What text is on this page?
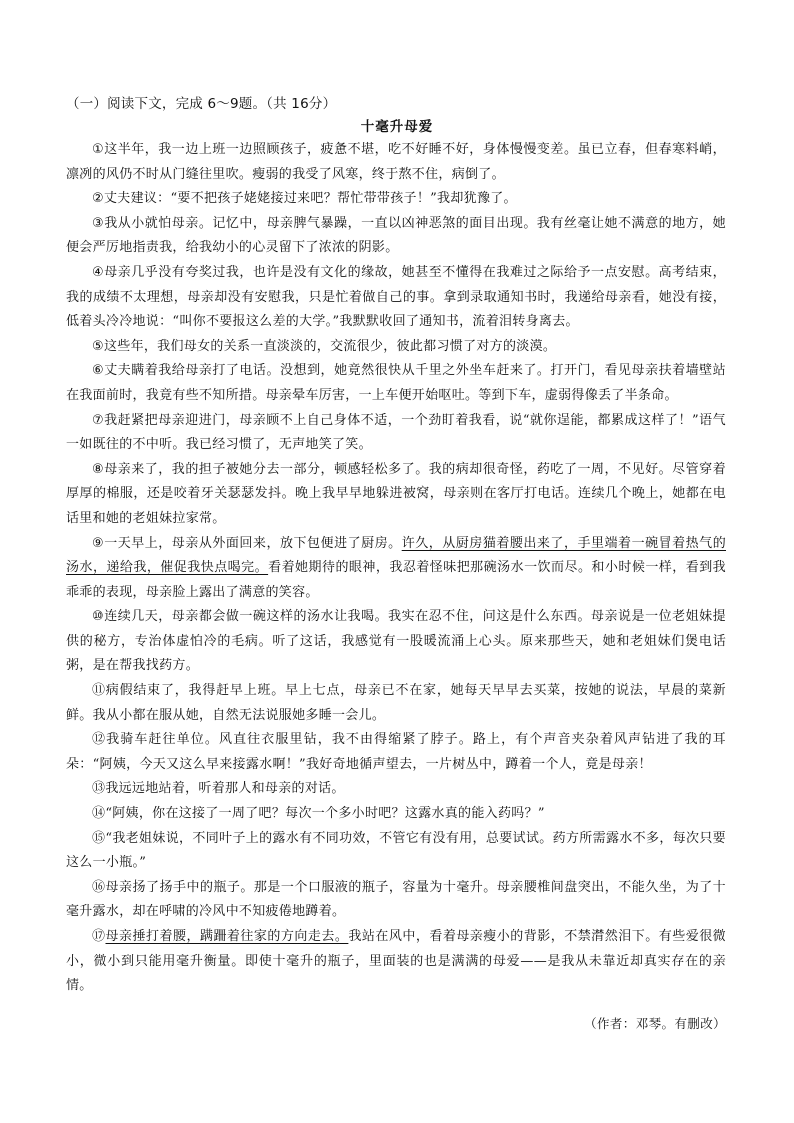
（一）阅读下文，完成 6～9题。（共 16分）
十毫升母爱

①这半年，我一边上班一边照顾孩子，疲惫不堪，吃不好睡不好，身体慢慢变差。虽已立春，但春寒料峭，凛冽的风仍不时从门缝往里吹。瘦弱的我受了风寒，终于熬不住，病倒了。

②丈夫建议：“要不把孩子姥姥接过来吧？帮忙带带孩子！”我却犹豫了。

③我从小就怕母亲。记忆中，母亲脾气暴躁，一直以凶神恶煞的面目出现。我有丝毫让她不满意的地方，她便会严厉地指责我，给我幼小的心灵留下了浓浓的阴影。

④母亲几乎没有夸奖过我，也许是没有文化的缘故，她甚至不懂得在我难过之际给予一点安慰。高考结束，我的成绩不太理想，母亲却没有安慰我，只是忙着做自己的事。拿到录取通知书时，我递给母亲看，她没有接，低着头冷冷地说：“叫你不要报这么差的大学。”我默默收回了通知书，流着泪转身离去。

⑤这些年，我们母女的关系一直淡淡的，交流很少，彼此都习惯了对方的淡漠。

⑥丈夫瞒着我给母亲打了电话。没想到，她竟然很快从千里之外坐车赶来了。打开门，看见母亲扶着墙壁站在我面前时，我竟有些不知所措。母亲晕车厉害，一上车便开始呕吐。等到下车，虚弱得像丢了半条命。

⑦我赶紧把母亲迎进门，母亲顾不上自己身体不适，一个劲盯着我看，说“就你逞能，都累成这样了！”语气一如既往的不中听。我已经习惯了，无声地笑了笑。

⑧母亲来了，我的担子被她分去一部分，顿感轻松多了。我的病却很奇怪，药吃了一周，不见好。尽管穿着厚厚的棉服，还是咬着牙关瑟瑟发抖。晚上我早早地躲进被窝，母亲则在客厅打电话。连续几个晚上，她都在电话里和她的老姐妹拉家常。

⑨一天早上，母亲从外面回来，放下包便进了厨房。许久，从厨房猫着腰出来了，手里端着一碗冒着热气的汤水，递给我，催促我快点喝完。看着她期待的眼神，我忍着怪味把那碗汤水一饮而尽。和小时候一样，看到我乖乖的表现，母亲脸上露出了满意的笑容。

⑩连续几天，母亲都会做一碗这样的汤水让我喝。我实在忍不住，问这是什么东西。母亲说是一位老姐妹提供的秘方，专治体虚怕冷的毛病。听了这话，我感觉有一股暖流涌上心头。原来那些天，她和老姐妹们煲电话粥，是在帮我找药方。

⑪病假结束了，我得赶早上班。早上七点，母亲已不在家，她每天早早去买菜，按她的说法，早晨的菜新鲜。我从小都在服从她，自然无法说服她多睡一会儿。

⑫我骑车赶往单位。风直往衣服里钻，我不由得缩紧了脖子。路上，有个声音夹杂着风声钻进了我的耳朵：“阿姨，今天又这么早来接露水啊！”我好奇地循声望去，一片树丛中，蹲着一个人，竟是母亲！

⑬我远远地站着，听着那人和母亲的对话。

⑭“阿姨，你在这接了一周了吧？每次一个多小时吧？这露水真的能入药吗？”

⑮“我老姐妹说，不同叶子上的露水有不同功效，不管它有没有用，总要试试。药方所需露水不多，每次只要这么一小瓶。”

⑯母亲扬了扬手中的瓶子。那是一个口服液的瓶子，容量为十毫升。母亲腰椎间盘突出，不能久坐，为了十毫升露水，却在呼啸的冷风中不知疲倦地蹲着。

⑰母亲捶打着腰，蹒跚着往家的方向走去。我站在风中，看着母亲瘦小的背影，不禁潸然泪下。有些爱很微小，微小到只能用毫升衡量。即使十毫升的瓶子，里面装的也是满满的母爱——是我从未靠近却真实存在的亲情。

（作者：邓琴。有删改）
